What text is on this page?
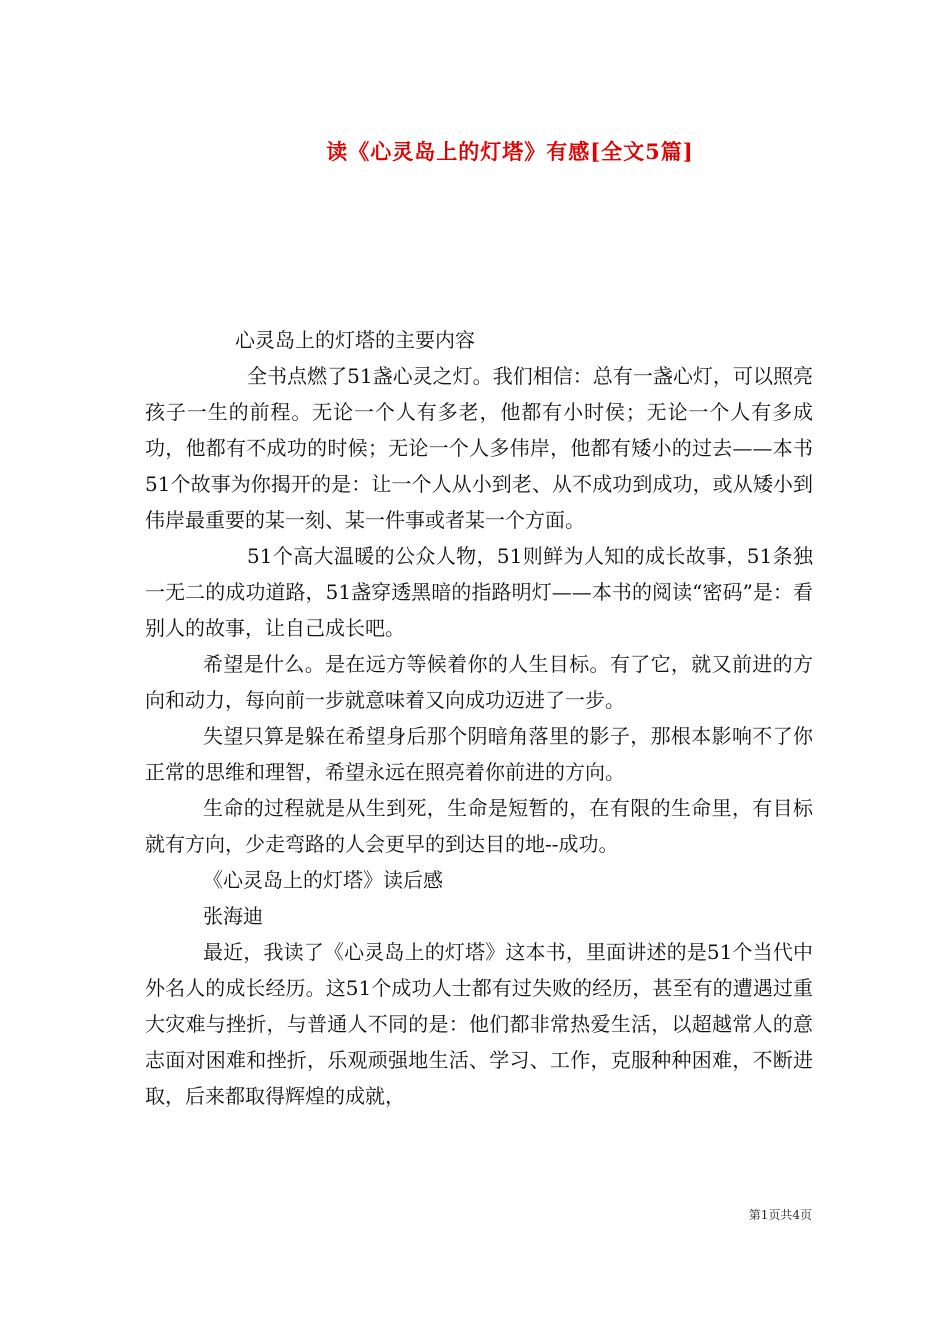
读《心灵岛上的灯塔》有感[全文5篇]

心灵岛上的灯塔的主要内容

全书点燃了51盏心灵之灯。我们相信：总有一盏心灯，可以照亮孩子一生的前程。无论一个人有多老，他都有小时侯；无论一个人有多成功，他都有不成功的时候；无论一个人多伟岸，他都有矮小的过去——本书51个故事为你揭开的是：让一个人从小到老、从不成功到成功，或从矮小到伟岸最重要的某一刻、某一件事或者某一个方面。

51个高大温暖的公众人物，51则鲜为人知的成长故事，51条独一无二的成功道路，51盏穿透黑暗的指路明灯——本书的阅读“密码”是：看别人的故事，让自己成长吧。

希望是什么。是在远方等候着你的人生目标。有了它，就又前进的方向和动力，每向前一步就意味着又向成功迈进了一步。

失望只算是躲在希望身后那个阴暗角落里的影子，那根本影响不了你正常的思维和理智，希望永远在照亮着你前进的方向。

生命的过程就是从生到死，生命是短暂的，在有限的生命里，有目标就有方向，少走弯路的人会更早的到达目的地--成功。

《心灵岛上的灯塔》读后感

张海迪

最近，我读了《心灵岛上的灯塔》这本书，里面讲述的是51个当代中外名人的成长经历。这51个成功人士都有过失败的经历，甚至有的遭遇过重大灾难与挫折，与普通人不同的是：他们都非常热爱生活，以超越常人的意志面对困难和挫折，乐观顽强地生活、学习、工作，克服种种困难，不断进取，后来都取得辉煌的成就，

第1页共4页
